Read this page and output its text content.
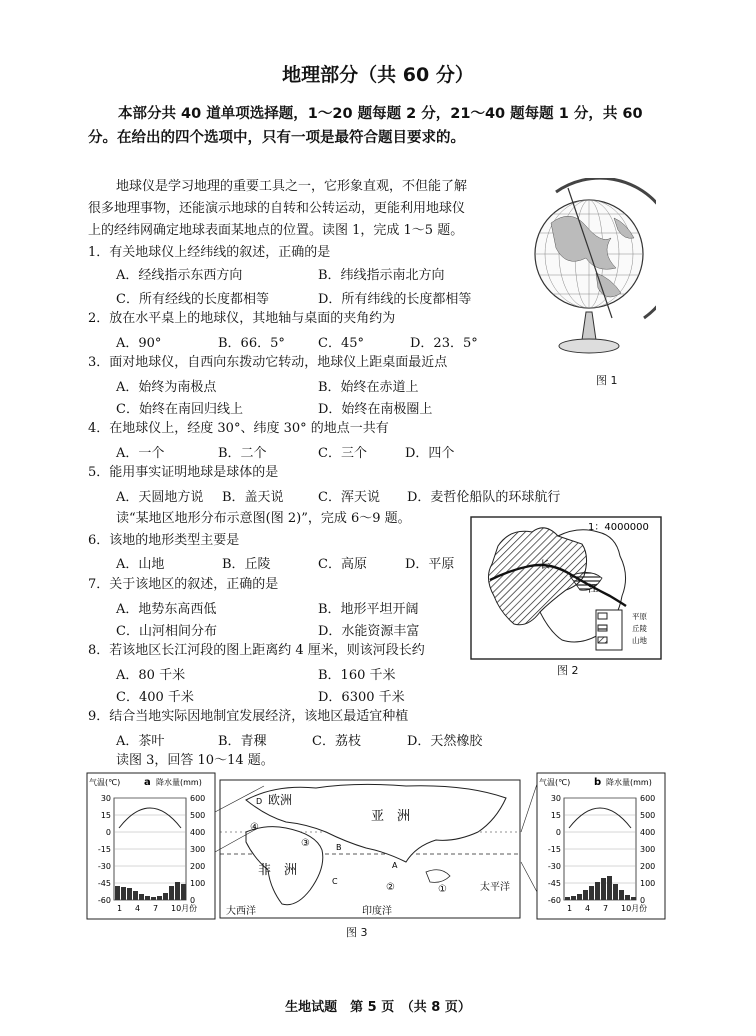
地理部分（共 60 分）
本部分共 40 道单项选择题，1～20 题每题 2 分，21～40 题每题 1 分，共 60 分。在给出的四个选项中，只有一项是最符合题目要求的。
地球仪是学习地理的重要工具之一，它形象直观，不但能了解
很多地理事物，还能演示地球的自转和公转运动，更能利用地球仪
上的经纬网确定地球表面某地点的位置。读图 1，完成 1～5 题。
1．有关地球仪上经纬线的叙述，正确的是
A．经线指示东西方向	B．纬线指示南北方向
C．所有经线的长度都相等	D．所有纬线的长度都相等
2．放在水平桌上的地球仪，其地轴与桌面的夹角约为
A．90°	B．66．5°	C．45°	D．23．5°
3．面对地球仪，自西向东拨动它转动，地球仪上距桌面最近点
A．始终为南极点	B．始终在赤道上
C．始终在南回归线上	D．始终在南极圈上
4．在地球仪上，经度 30°、纬度 30° 的地点一共有
A．一个	B．二个	C．三个	D．四个
5．能用事实证明地球是球体的是
A．天圆地方说 B．盖天说	C．浑天说 D．麦哲伦船队的环球航行
读“某地区地形分布示意图(图 2)”，完成 6～9 题。
6．该地的地形类型主要是
A．山地	B．丘陵	C．高原	D．平原
7．关于该地区的叙述，正确的是
A．地势东高西低	B．地形平坦开阔
C．山河相间分布	D．水能资源丰富
8．若该地区长江河段的图上距离约 4 厘米，则该河段长约
A．80 千米	B．160 千米
C．400 千米	D．6300 千米
9．结合当地实际因地制宜发展经济，该地区最适宜种植
A．茶叶	B．青稞	C．荔枝	D．天然橡胶
读图 3，回答 10～14 题。
图 1
1：4000000
长
江
平原
丘陵
山地
图 2
气温(℃) a 降水量(mm)
30	600
15	500
0	400
-15	300
-30	200
-45	100
-60	0
1 4 7 10月份
气温(℃) b 降水量(mm)
30	600
15	500
0	400
-15	300
-30	200
-45	100
-60	0
1 4 7 10月份
欧洲
亚　洲
非　洲
大西洋	印度洋
太平洋
A
B
C
D
①
②
③
④
图 3
生地试题　第 5 页　（共 8 页）
